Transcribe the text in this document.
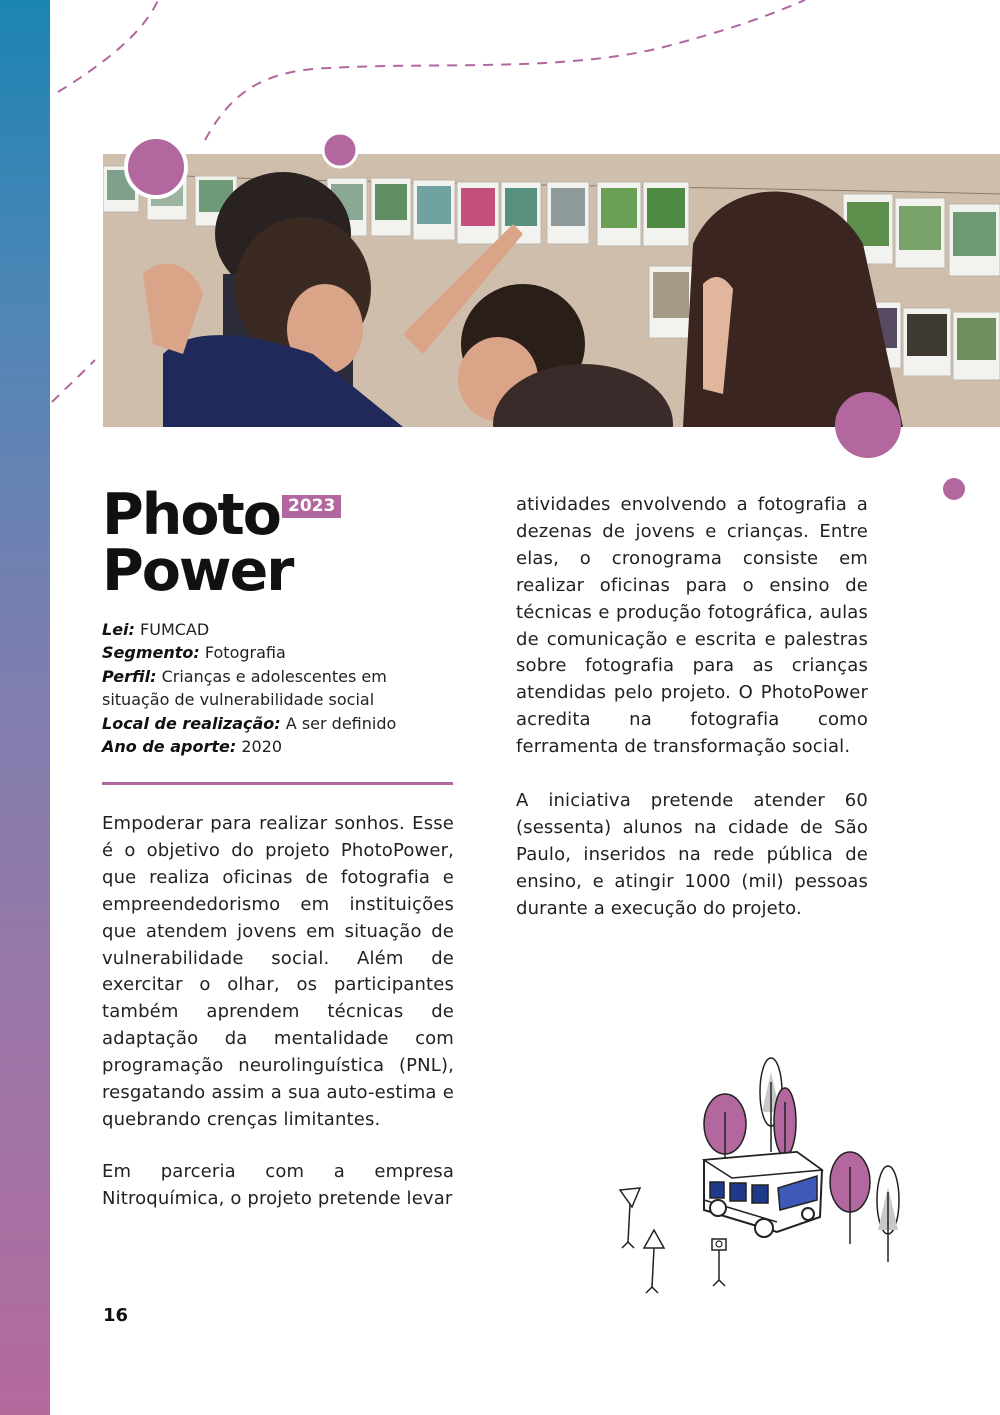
Photo
Power
2023
Lei: FUMCAD
Segmento: Fotografia
Perfil: Crianças e adolescentes em situação de vulnerabilidade social
Local de realização: A ser definido
Ano de aporte: 2020

Empoderar para realizar sonhos. Esse é o objetivo do projeto PhotoPower, que realiza oficinas de fotografia e empreendedorismo em instituições que atendem jovens em situação de vulnerabilidade social. Além de exercitar o olhar, os participantes também aprendem técnicas de adaptação da mentalidade com programação neurolinguística (PNL), resgatando assim a sua auto-estima e quebrando crenças limitantes.

Em parceria com a empresa Nitroquímica, o projeto pretende levar

atividades envolvendo a fotografia a dezenas de jovens e crianças. Entre elas, o cronograma consiste em realizar oficinas para o ensino de técnicas e produção fotográfica, aulas de comunicação e escrita e palestras sobre fotografia para as crianças atendidas pelo projeto. O PhotoPower acredita na fotografia como ferramenta de transformação social.

A iniciativa pretende atender 60 (sessenta) alunos na cidade de São Paulo, inseridos na rede pública de ensino, e atingir 1000 (mil) pessoas durante a execução do projeto.

16
